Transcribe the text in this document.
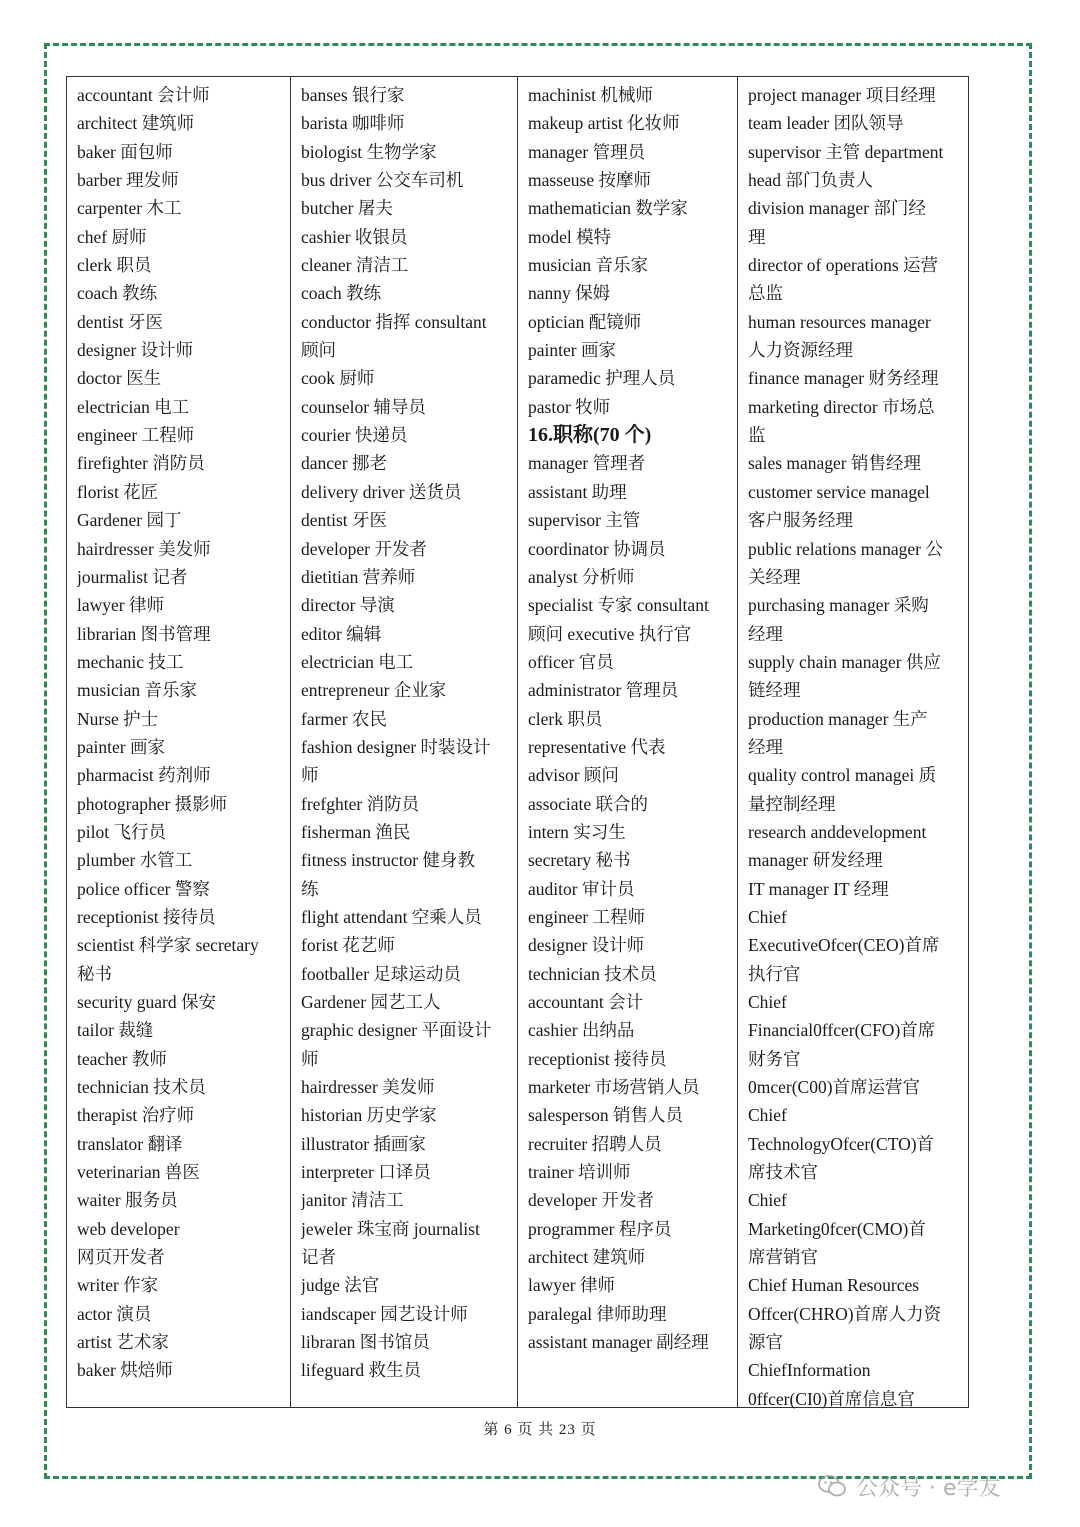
accountant 会计师
architect 建筑师
baker 面包师
barber 理发师
carpenter 木工
chef 厨师
clerk 职员
coach 教练
dentist 牙医
designer 设计师
doctor 医生
electrician 电工
engineer 工程师
firefighter 消防员
florist 花匠
Gardener 园丁
hairdresser 美发师
jourmalist 记者
lawyer 律师
librarian 图书管理
mechanic 技工
musician 音乐家
Nurse 护士
painter 画家
pharmacist 药剂师
photographer 摄影师
pilot 飞行员
plumber 水管工
police officer 警察
receptionist 接待员
scientist 科学家 secretary
秘书
security guard 保安
tailor 裁缝
teacher 教师
technician 技术员
therapist 治疗师
translator 翻译
veterinarian 兽医
waiter 服务员
web developer
网页开发者
writer 作家
actor 演员
artist 艺术家
baker 烘焙师
banses 银行家
barista 咖啡师
biologist 生物学家
bus driver 公交车司机
butcher 屠夫
cashier 收银员
cleaner 清洁工
coach 教练
conductor 指挥 consultant
顾问
cook 厨师
counselor 辅导员
courier 快递员
dancer 挪老
delivery driver 送货员
dentist 牙医
developer 开发者
dietitian 营养师
director 导演
editor 编辑
electrician 电工
entrepreneur 企业家
farmer 农民
fashion designer 时装设计
师
frefghter 消防员
fisherman 渔民
fitness instructor 健身教
练
flight attendant 空乘人员
forist 花艺师
footballer 足球运动员
Gardener 园艺工人
graphic designer 平面设计
师
hairdresser 美发师
historian 历史学家
illustrator 插画家
interpreter 口译员
janitor 清洁工
jeweler 珠宝商 journalist
记者
judge 法官
iandscaper 园艺设计师
libraran 图书馆员
lifeguard 救生员
machinist 机械师
makeup artist 化妆师
manager 管理员
masseuse 按摩师
mathematician 数学家
model 模特
musician 音乐家
nanny 保姆
optician 配镜师
painter 画家
paramedic 护理人员
pastor 牧师
16.职称(70 个)
manager 管理者
assistant 助理
supervisor 主管
coordinator 协调员
analyst 分析师
specialist 专家 consultant
顾问 executive 执行官
officer 官员
administrator 管理员
clerk 职员
representative 代表
advisor 顾问
associate 联合的
intern 实习生
secretary 秘书
auditor 审计员
engineer 工程师
designer 设计师
technician 技术员
accountant 会计
cashier 出纳品
receptionist 接待员
marketer 市场营销人员
salesperson 销售人员
recruiter 招聘人员
trainer 培训师
developer 开发者
programmer 程序员
architect 建筑师
lawyer 律师
paralegal 律师助理
assistant manager 副经理
project manager 项目经理
team leader 团队领导
supervisor 主管 department
head 部门负责人
division manager 部门经
理
director of operations 运营
总监
human resources manager
人力资源经理
finance manager 财务经理
marketing director 市场总
监
sales manager 销售经理
customer service managel
客户服务经理
public relations manager 公
关经理
purchasing manager 采购
经理
supply chain manager 供应
链经理
production manager 生产
经理
quality control managei 质
量控制经理
research anddevelopment
manager 研发经理
IT manager IT 经理
Chief
ExecutiveOfcer(CEO)首席
执行官
Chief
Financial0ffcer(CFO)首席
财务官
0mcer(C00)首席运营官
Chief
TechnologyOfcer(CTO)首
席技术官
Chief
Marketing0fcer(CMO)首
席营销官
Chief Human Resources
Offcer(CHRO)首席人力资
源官
ChiefInformation
0ffcer(CI0)首席信息官
第 6 页 共 23 页
公众号 · e学友
